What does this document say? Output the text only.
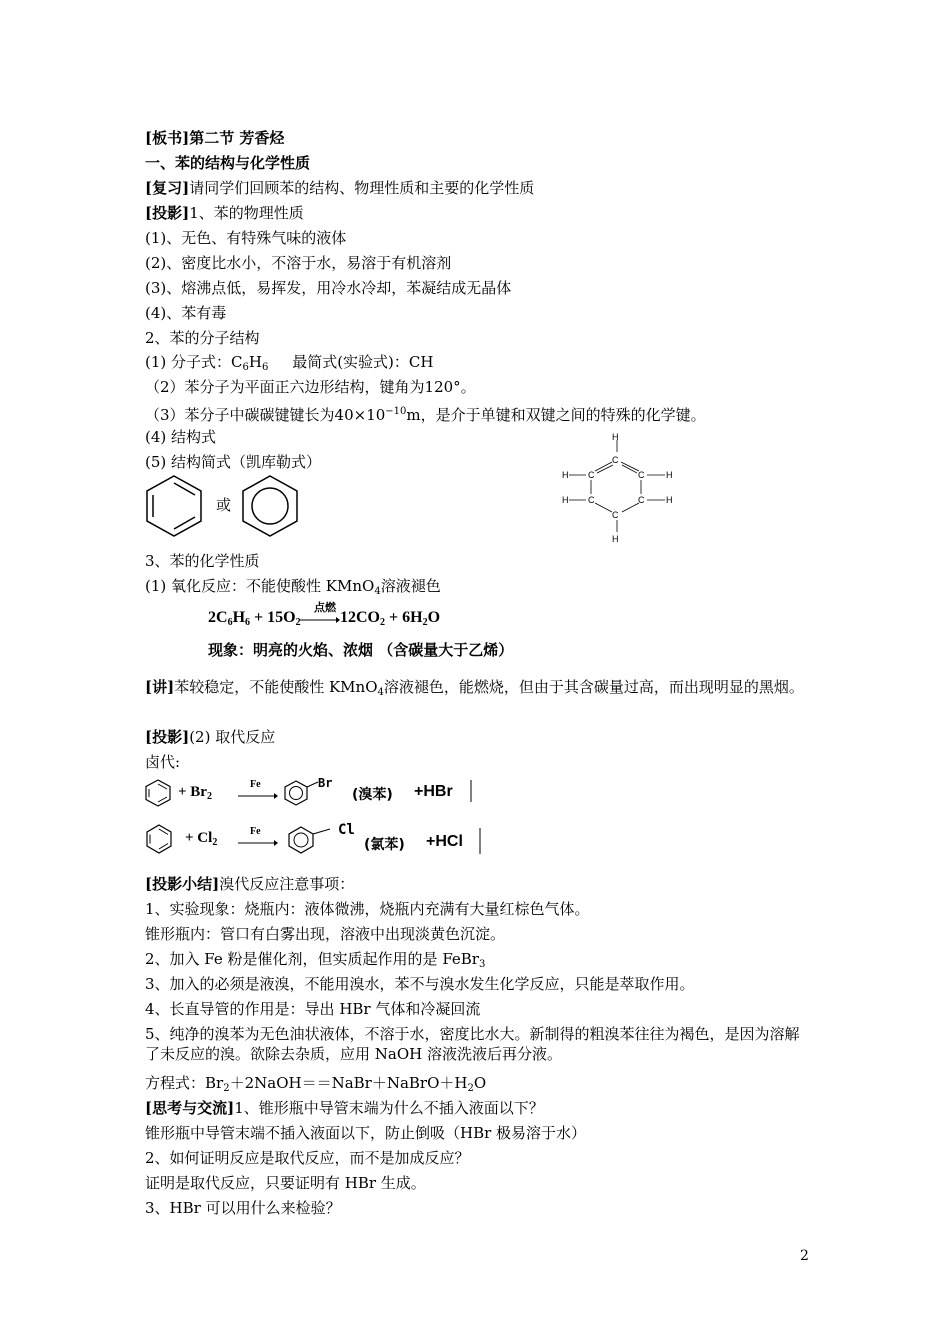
[板书]第二节 芳香烃
一、苯的结构与化学性质
[复习]请同学们回顾苯的结构、物理性质和主要的化学性质
[投影]1、苯的物理性质
(1)、无色、有特殊气味的液体
(2)、密度比水小，不溶于水，易溶于有机溶剂
(3)、熔沸点低，易挥发，用冷水冷却，苯凝结成无晶体
(4)、苯有毒
2、苯的分子结构
(1) 分子式：$C_6H_6$ 最简式(实验式)：CH
（2）苯分子为平面正六边形结构，键角为120°。
（3）苯分子中碳碳键键长为$40\times 10^{-10}m$，是介于单键和双键之间的特殊的化学键。
(4) 结构式
(5) 结构简式（凯库勒式）
或
H
C
C
C
C
C
C	H
H
H
H
H
3、苯的化学性质
(1) 氧化反应：不能使酸性 KMnO$_4$溶液褪色
$2C_6H_6 + 15O_2$
点燃
$12CO_2 + 6H_2O$
现象：明亮的火焰、浓烟 （含碳量大于乙烯）
[讲]苯较稳定，不能使酸性 KMnO$_4$溶液褪色，能燃烧，但由于其含碳量过高，而出现明显的黑烟。
[投影](2) 取代反应
卤代:
+ $Br_2$
Fe	Br
(溴苯) +HBr
+ $Cl_2$
Fe	Cl
(氯苯) +HCl
[投影小结]溴代反应注意事项：
1、实验现象：烧瓶内：液体微沸，烧瓶内充满有大量红棕色气体。
锥形瓶内：管口有白雾出现，溶液中出现淡黄色沉淀。
2、加入 Fe 粉是催化剂，但实质起作用的是 FeBr$_3$
3、加入的必须是液溴，不能用溴水，苯不与溴水发生化学反应，只能是萃取作用。
4、长直导管的作用是：导出 HBr 气体和冷凝回流
5、纯净的溴苯为无色油状液体，不溶于水，密度比水大。新制得的粗溴苯往往为褐色，是因为溶解了未反应的溴。欲除去杂质，应用 NaOH 溶液洗液后再分液。
方程式：$Br_2+2NaOH==NaBr+NaBrO+H_2O$
[思考与交流]1、锥形瓶中导管末端为什么不插入液面以下？
锥形瓶中导管末端不插入液面以下，防止倒吸（HBr 极易溶于水）
2、如何证明反应是取代反应，而不是加成反应？
证明是取代反应，只要证明有 HBr 生成。
3、HBr 可以用什么来检验？
2
